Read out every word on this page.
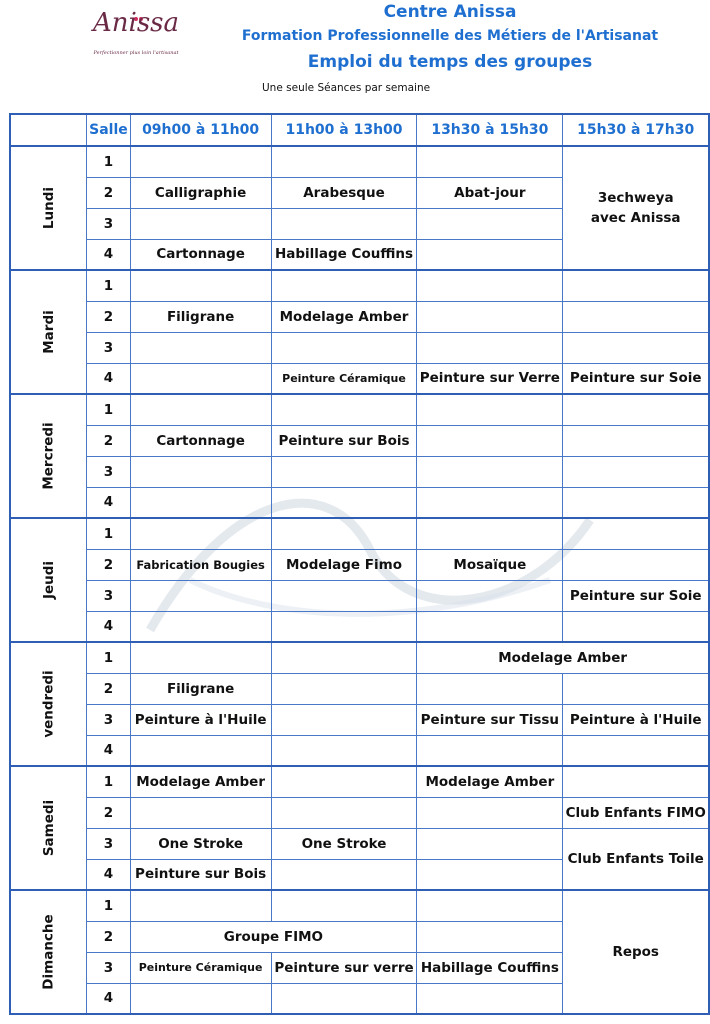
Anissa
Perfectionner plus loin l'artisanat
Centre Anissa
Formation Professionnelle des Métiers de l'Artisanat
Emploi du temps des groupes
Une seule Séances par semaine
	Salle	09h00 à 11h00	11h00 à 13h00	13h30 à 15h30	15h30 à 17h30
Lundi	1				3echweya
avec Anissa

	2	Calligraphie	Arabesque	Abat-jour	
	3				
	4	Cartonnage	Habillage Couffins		
Mardi	1				
	2	Filigrane	Modelage Amber		
	3				
	4		Peinture Céramique	Peinture sur Verre	Peinture sur Soie
Mercredi	1				
	2	Cartonnage	Peinture sur Bois		
	3				
	4				
Jeudi	1				
	2	Fabrication Bougies	Modelage Fimo	Mosaïque	
	3				Peinture sur Soie
	4				
vendredi	1			Modelage Amber	
	2	Filigrane			
	3	Peinture à l'Huile		Peinture sur Tissu	Peinture à l'Huile
	4				
Samedi	1	Modelage Amber		Modelage Amber	
	2				Club Enfants FIMO
	3	One Stroke	One Stroke		Club Enfants Toile
	4	Peinture sur Bois			
Dimanche	1				Repos
	2	Groupe FIMO			
	3	Peinture Céramique	Peinture sur verre	Habillage Couffins	
	4				
